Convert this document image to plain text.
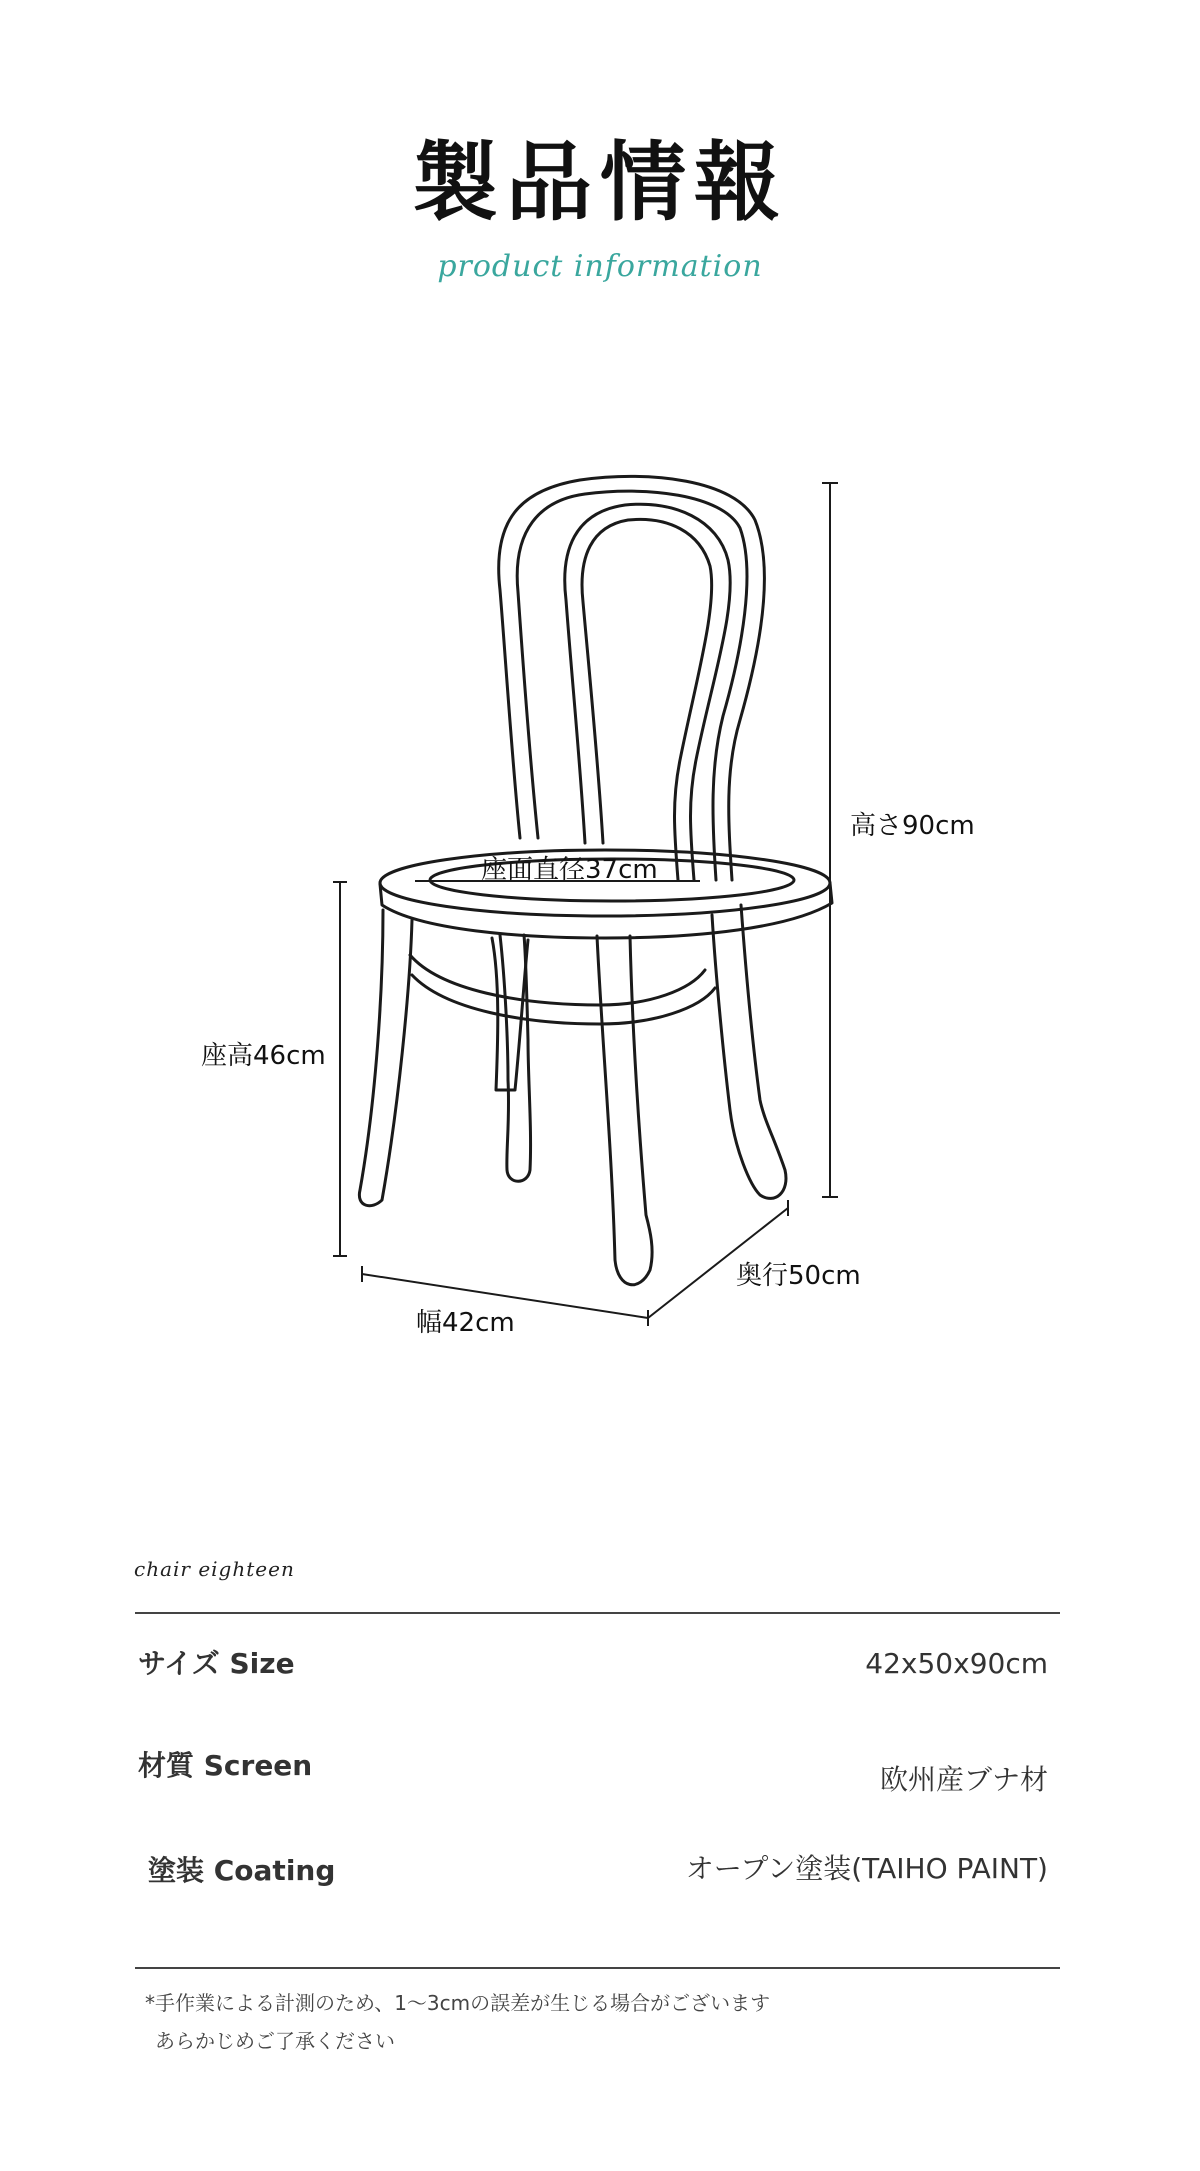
製品情報
product information
高さ90cm
座面直径37cm
座高46cm
奥行50cm
幅42cm
chair eighteen
サイズ Size	42x50x90cm
材質 Screen	欧州産ブナ材
塗装 Coating	オープン塗装(TAIHO PAINT)
*手作業による計測のため、1〜3cmの誤差が生じる場合がございます
あらかじめご了承ください
